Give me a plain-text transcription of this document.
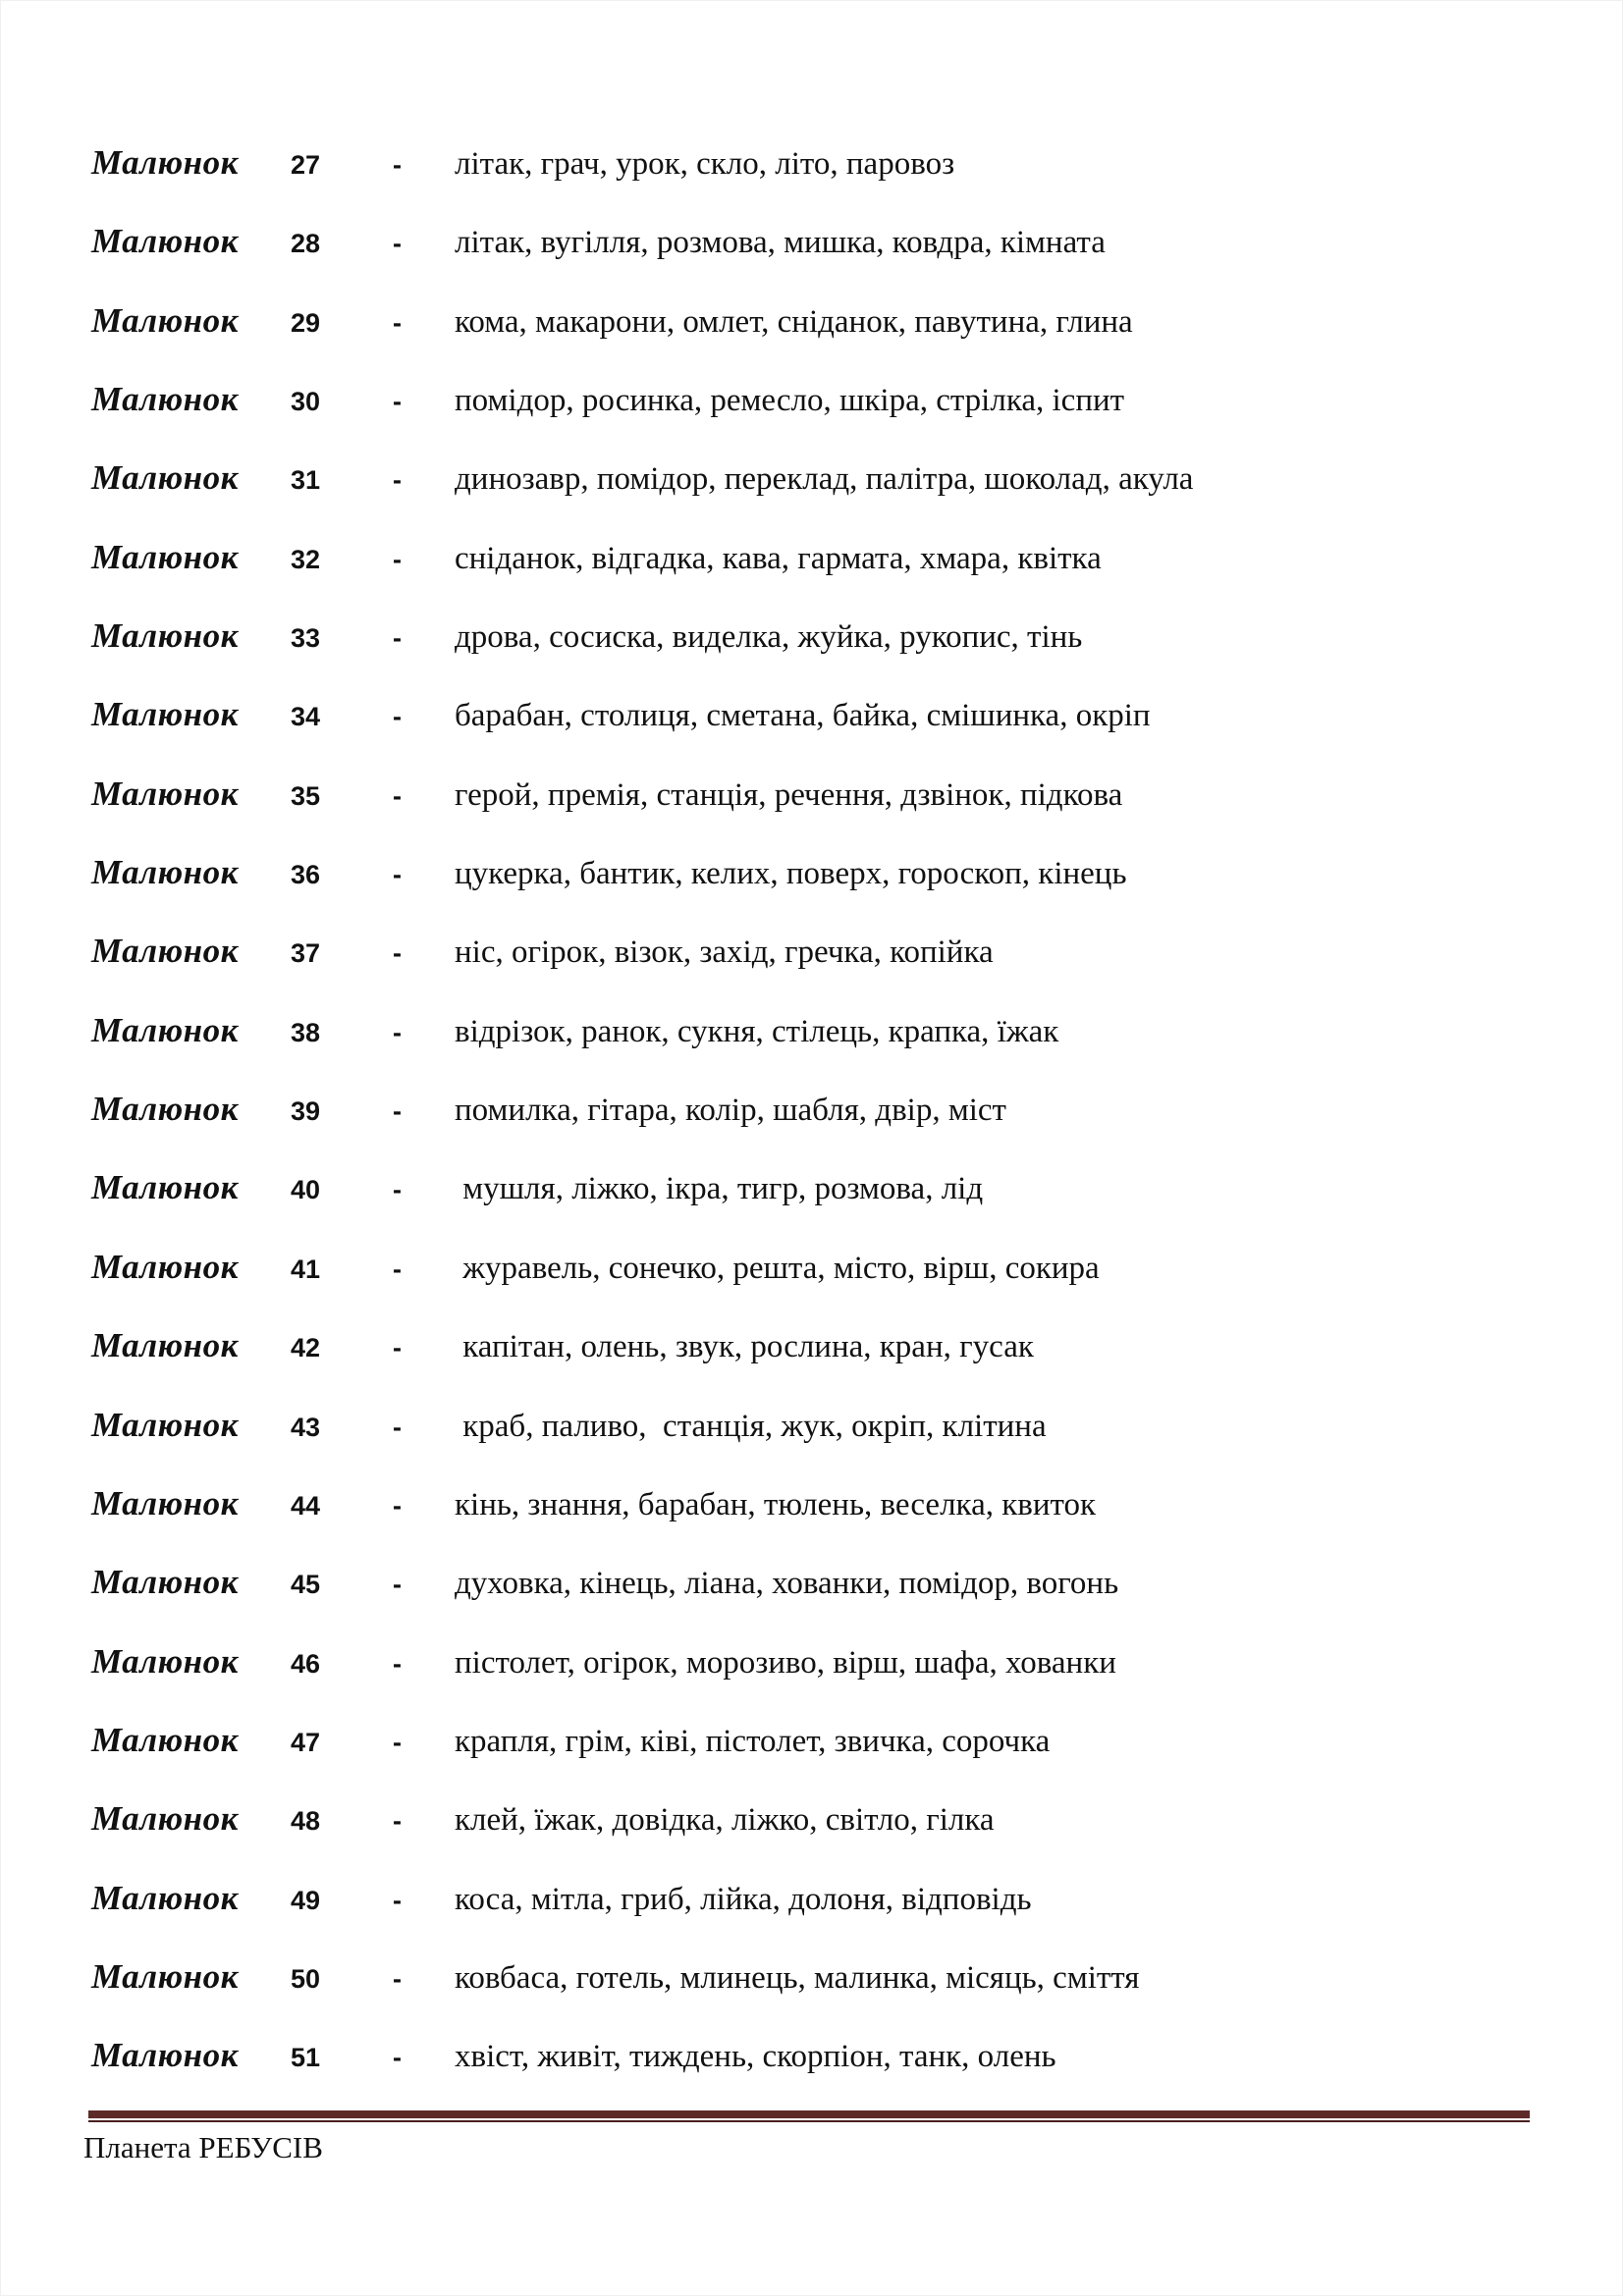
Малюнок	27	-	літак, грач, урок, скло, літо, паровоз
Малюнок	28	-	літак, вугілля, розмова, мишка, ковдра, кімната
Малюнок	29	-	кома, макарони, омлет, сніданок, павутина, глина
Малюнок	30	-	помідор, росинка, ремесло, шкіра, стрілка, іспит
Малюнок	31	-	динозавр, помідор, переклад, палітра, шоколад, акула
Малюнок	32	-	сніданок, відгадка, кава, гармата, хмара, квітка
Малюнок	33	-	дрова, сосиска, виделка, жуйка, рукопис, тінь
Малюнок	34	-	барабан, столиця, сметана, байка, смішинка, окріп
Малюнок	35	-	герой, премія, станція, речення, дзвінок, підкова
Малюнок	36	-	цукерка, бантик, келих, поверх, гороскоп, кінець
Малюнок	37	-	ніс, огірок, візок, захід, гречка, копійка
Малюнок	38	-	відрізок, ранок, сукня, стілець, крапка, їжак
Малюнок	39	-	помилка, гітара, колір, шабля, двір, міст
Малюнок	40	-	мушля, ліжко, ікра, тигр, розмова, лід
Малюнок	41	-	журавель, сонечко, решта, місто, вірш, сокира
Малюнок	42	-	капітан, олень, звук, рослина, кран, гусак
Малюнок	43	-	краб, паливо,  станція, жук, окріп, клітина
Малюнок	44	-	кінь, знання, барабан, тюлень, веселка, квиток
Малюнок	45	-	духовка, кінець, ліана, хованки, помідор, вогонь
Малюнок	46	-	пістолет, огірок, морозиво, вірш, шафа, хованки
Малюнок	47	-	крапля, грім, ківі, пістолет, звичка, сорочка
Малюнок	48	-	клей, їжак, довідка, ліжко, світло, гілка
Малюнок	49	-	коса, мітла, гриб, лійка, долоня, відповідь
Малюнок	50	-	ковбаса, готель, млинець, малинка, місяць, сміття
Малюнок	51	-	хвіст, живіт, тиждень, скорпіон, танк, олень
Планета РЕБУСІВ
